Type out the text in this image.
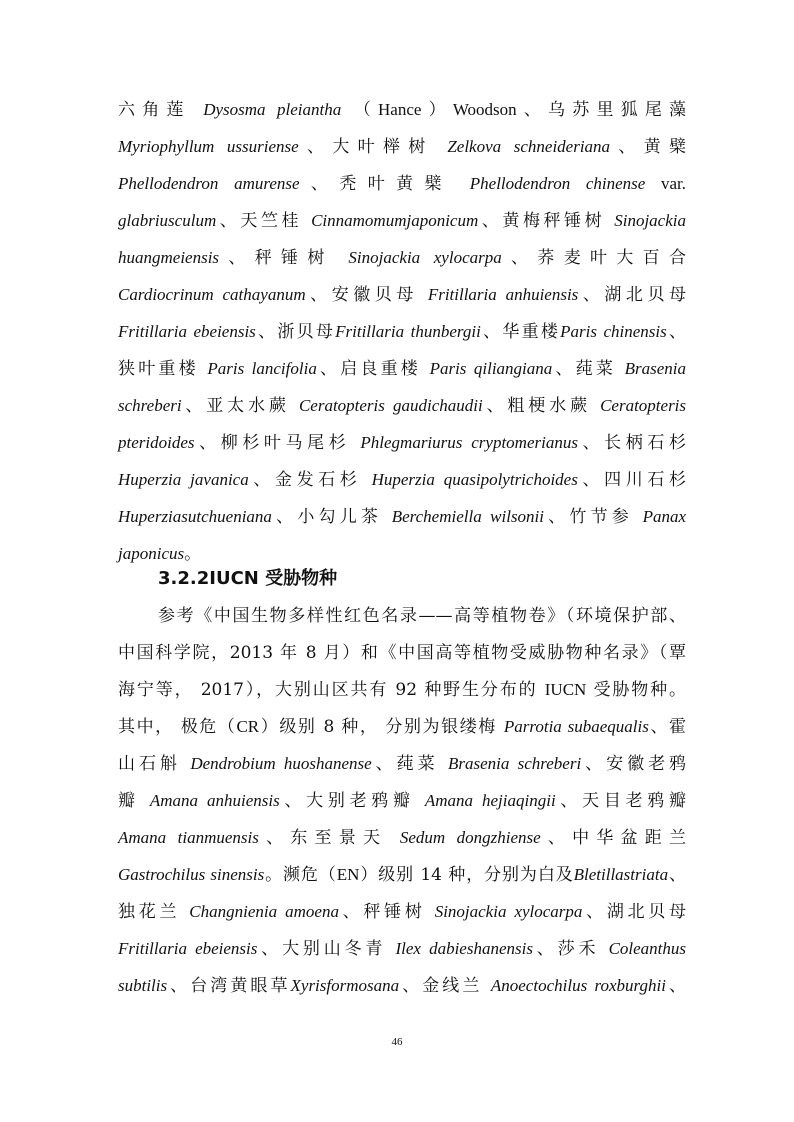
六角莲 Dysosma pleiantha （Hance）Woodson、乌苏里狐尾藻
Myriophyllum ussuriense、大叶榉树 Zelkova schneideriana、黄檗
Phellodendron amurense、秃叶黄檗 Phellodendron chinense var.
glabriusculum、天竺桂 Cinnamomumjaponicum、黄梅秤锤树 Sinojackia
huangmeiensis、秤锤树 Sinojackia xylocarpa、荞麦叶大百合
Cardiocrinum cathayanum、安徽贝母 Fritillaria anhuiensis、湖北贝母
Fritillaria ebeiensis、浙贝母Fritillaria thunbergii、华重楼Paris chinensis、
狭叶重楼 Paris lancifolia、启良重楼 Paris qiliangiana、莼菜 Brasenia
schreberi、亚太水蕨 Ceratopteris gaudichaudii、粗梗水蕨 Ceratopteris
pteridoides、柳杉叶马尾杉 Phlegmariurus cryptomerianus、长柄石杉
Huperzia javanica、金发石杉 Huperzia quasipolytrichoides、四川石杉
Huperziasutchueniana、小勾儿茶 Berchemiella wilsonii、竹节参 Panax
japonicus。
3.2.2IUCN 受胁物种
参考《中国生物多样性红色名录——高等植物卷》（环境保护部、
中国科学院，2013 年 8 月）和《中国高等植物受威胁物种名录》（覃
海宁等， 2017），大别山区共有 92 种野生分布的 IUCN 受胁物种。
其中， 极危（CR）级别 8 种， 分别为银缕梅 Parrotia subaequalis、霍
山石斛 Dendrobium huoshanense、莼菜 Brasenia schreberi、安徽老鸦
瓣 Amana anhuiensis、大别老鸦瓣 Amana hejiaqingii、天目老鸦瓣
Amana tianmuensis、东至景天 Sedum dongzhiense、中华盆距兰
Gastrochilus sinensis。濒危（EN）级别 14 种，分别为白及Bletillastriata、
独花兰 Changnienia amoena、秤锤树 Sinojackia xylocarpa、湖北贝母
Fritillaria ebeiensis、大别山冬青 Ilex dabieshanensis、莎禾 Coleanthus
subtilis、台湾黄眼草Xyrisformosana、金线兰 Anoectochilus roxburghii、
46
